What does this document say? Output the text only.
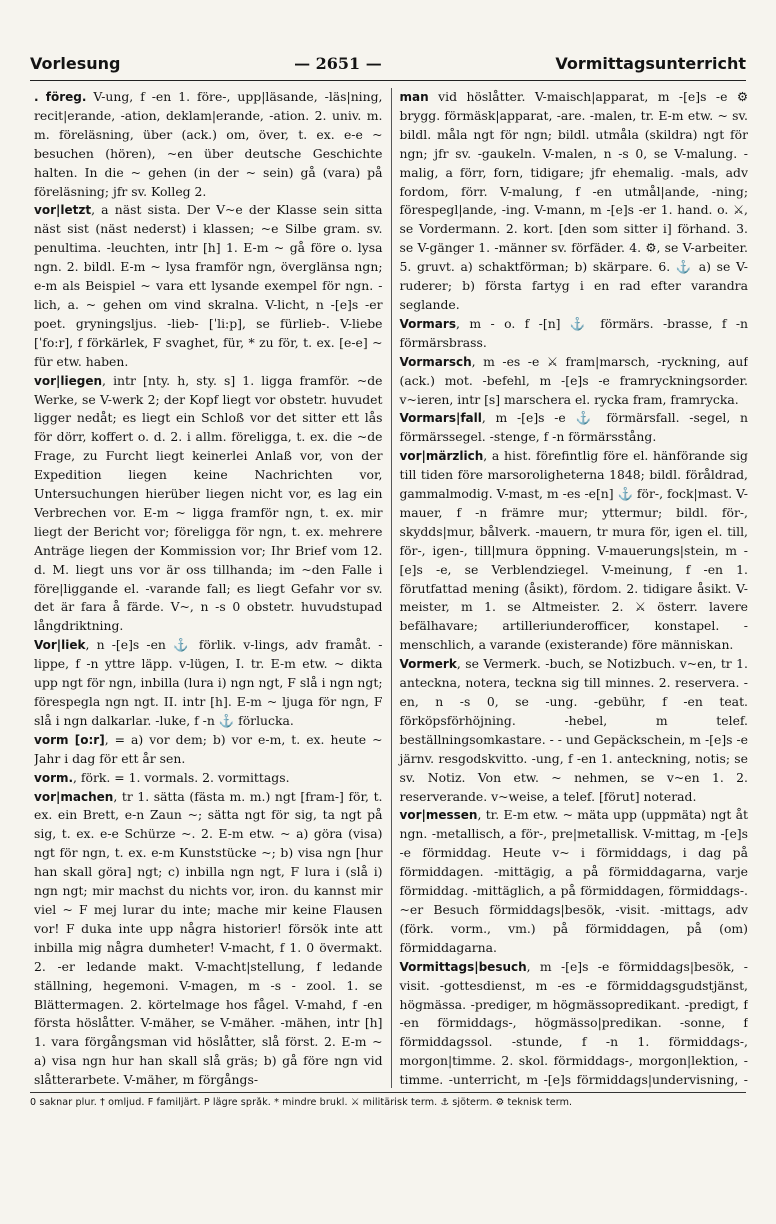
Vorlesung	— 2651 —	Vormittagsunterricht

. föreg. V-ung, f -en 1. före-, upp|läsande, -läs|ning, recit|erande, -ation, deklam|erande, -ation. 2. univ. m. m. föreläsning, über (ack.) om, över, t. ex. e-e ~ besuchen (hören), ~en über deutsche Geschichte halten. In die ~ gehen (in der ~ sein) gå (vara) på föreläsning; jfr sv. Kolleg 2.

vor|letzt, a näst sista. Der V~e der Klasse sein sitta näst sist (näst nederst) i klassen; ~e Silbe gram. sv. penultima. -leuchten, intr [h] 1. E-m ~ gå före o. lysa ngn. 2. bildl. E-m ~ lysa framför ngn, överglänsa ngn; e-m als Beispiel ~ vara ett lysande exempel för ngn. -lich, a. ~ gehen om vind skralna. V-licht, n -[e]s -er poet. gryningsljus. -lieb- [ˈli:p], se fürlieb-. V-liebe [ˈfo:r], f förkärlek, F svaghet, für, * zu för, t. ex. [e-e] ~ für etw. haben.

vor|liegen, intr [nty. h, sty. s] 1. ligga framför. ~de Werke, se V-werk 2; der Kopf liegt vor obstetr. huvudet ligger nedåt; es liegt ein Schloß vor det sitter ett lås för dörr, koffert o. d. 2. i allm. föreligga, t. ex. die ~de Frage, zu Furcht liegt keinerlei Anlaß vor, von der Expedition liegen keine Nachrichten vor, Untersuchungen hierüber liegen nicht vor, es lag ein Verbrechen vor. E-m ~ ligga framför ngn, t. ex. mir liegt der Bericht vor; föreligga för ngn, t. ex. mehrere Anträge liegen der Kommission vor; Ihr Brief vom 12. d. M. liegt uns vor är oss tillhanda; im ~den Falle i före|liggande el. -varande fall; es liegt Gefahr vor sv. det är fara å färde. V~, n -s 0 obstetr. huvudstupad långdriktning.

Vor|liek, n -[e]s -en ⚓ förlik. v-lings, adv framåt. -lippe, f -n yttre läpp. v-lügen, I. tr. E-m etw. ~ dikta upp ngt för ngn, inbilla (lura i) ngn ngt, F slå i ngn ngt; förespegla ngn ngt. II. intr [h]. E-m ~ ljuga för ngn, F slå i ngn dalkarlar. -luke, f -n ⚓ förlucka.

vorm [o:r], = a) vor dem; b) vor e-m, t. ex. heute ~ Jahr i dag för ett år sen.

vorm., förk. = 1. vormals. 2. vormittags.

vor|machen, tr 1. sätta (fästa m. m.) ngt [fram-] för, t. ex. ein Brett, e-n Zaun ~; sätta ngt för sig, ta ngt på sig, t. ex. e-e Schürze ~. 2. E-m etw. ~ a) göra (visa) ngt för ngn, t. ex. e-m Kunststücke ~; b) visa ngn [hur han skall göra] ngt; c) inbilla ngn ngt, F lura i (slå i) ngn ngt; mir machst du nichts vor, iron. du kannst mir viel ~ F mej lurar du inte; mache mir keine Flausen vor! F duka inte upp några historier! försök inte att inbilla mig några dumheter! V-macht, f 1. 0 övermakt. 2. -er ledande makt. V-macht|stellung, f ledande ställning, hegemoni. V-magen, m -s - zool. 1. se Blättermagen. 2. körtelmage hos fågel. V-mahd, f -en första höslåtter. V-mäher, se V-mäher. -mähen, intr [h] 1. vara förgångsman vid höslåtter, slå först. 2. E-m ~ a) visa ngn hur han skall slå gräs; b) gå före ngn vid slåtterarbete. V-mäher, m förgångs-

man vid höslåtter. V-maisch|apparat, m -[e]s -e ⚙ brygg. förmäsk|apparat, -are. -malen, tr. E-m etw. ~ sv. bildl. måla ngt för ngn; bildl. utmåla (skildra) ngt för ngn; jfr sv. -gaukeln. V-malen, n -s 0, se V-malung. -malig, a förr, forn, tidigare; jfr ehemalig. -mals, adv fordom, förr. V-malung, f -en utmål|ande, -ning; förespegl|ande, -ing. V-mann, m -[e]s -er 1. hand. o. ⚔, se Vordermann. 2. kort. [den som sitter i] förhand. 3. se V-gänger 1. -männer sv. förfäder. 4. ⚙, se V-arbeiter. 5. gruvt. a) schaktförman; b) skärpare. 6. ⚓ a) se V-ruderer; b) första fartyg i en rad efter varandra seglande.

Vormars, m - o. f -[n] ⚓ förmärs. -brasse, f -n förmärsbrass.

Vormarsch, m -es -e ⚔ fram|marsch, -ryckning, auf (ack.) mot. -befehl, m -[e]s -e framryckningsorder. v~ieren, intr [s] marschera el. rycka fram, framrycka.

Vormars|fall, m -[e]s -e ⚓ förmärsfall. -segel, n förmärssegel. -stenge, f -n förmärsstång.

vor|märzlich, a hist. förefintlig före el. hänförande sig till tiden före marsoroligheterna 1848; bildl. föråldrad, gammalmodig. V-mast, m -es -e[n] ⚓ för-, fock|mast. V-mauer, f -n främre mur; yttermur; bildl. för-, skydds|mur, bålverk. -mauern, tr mura för, igen el. till, för-, igen-, till|mura öppning. V-mauerungs|stein, m -[e]s -e, se Verblendziegel. V-meinung, f -en 1. förutfattad mening (åsikt), fördom. 2. tidigare åsikt. V-meister, m 1. se Altmeister. 2. ⚔ österr. lavere befälhavare; artilleriunderofficer, konstapel. -menschlich, a varande (existerande) före människan.

Vormerk, se Vermerk. -buch, se Notizbuch. v~en, tr 1. anteckna, notera, teckna sig till minnes. 2. reservera. -en, n -s 0, se -ung. -gebühr, f -en teat. förköpsförhöjning. -hebel, m telef. beställningsomkastare. - - und Gepäckschein, m -[e]s -e järnv. resgodskvitto. -ung, f -en 1. anteckning, notis; se sv. Notiz. Von etw. ~ nehmen, se v~en 1. 2. reserverande. v~weise, a telef. [förut] noterad.

vor|messen, tr. E-m etw. ~ mäta upp (uppmäta) ngt åt ngn. -metallisch, a för-, pre|metallisk. V-mittag, m -[e]s -e förmiddag. Heute v~ i förmiddags, i dag på förmiddagen. -mittägig, a på förmiddagarna, varje förmiddag. -mittäglich, a på förmiddagen, förmiddags-. ~er Besuch förmiddags|besök, -visit. -mittags, adv (förk. vorm., vm.) på förmiddagen, på (om) förmiddagarna.

Vormittags|besuch, m -[e]s -e förmiddags|besök, -visit. -gottesdienst, m -es -e förmiddagsgudstjänst, högmässa. -prediger, m högmässopredikant. -predigt, f -en förmiddags-, högmässo|predikan. -sonne, f förmiddagssol. -stunde, f -n 1. förmiddags-, morgon|timme. 2. skol. förmiddags-, morgon|lektion, -timme. -unterricht, m -[e]s förmiddags|undervisning, -

0 saknar plur. † omljud. F familjärt. P lägre språk. * mindre brukl. ⚔ militärisk term. ⚓ sjöterm. ⚙ teknisk term.
